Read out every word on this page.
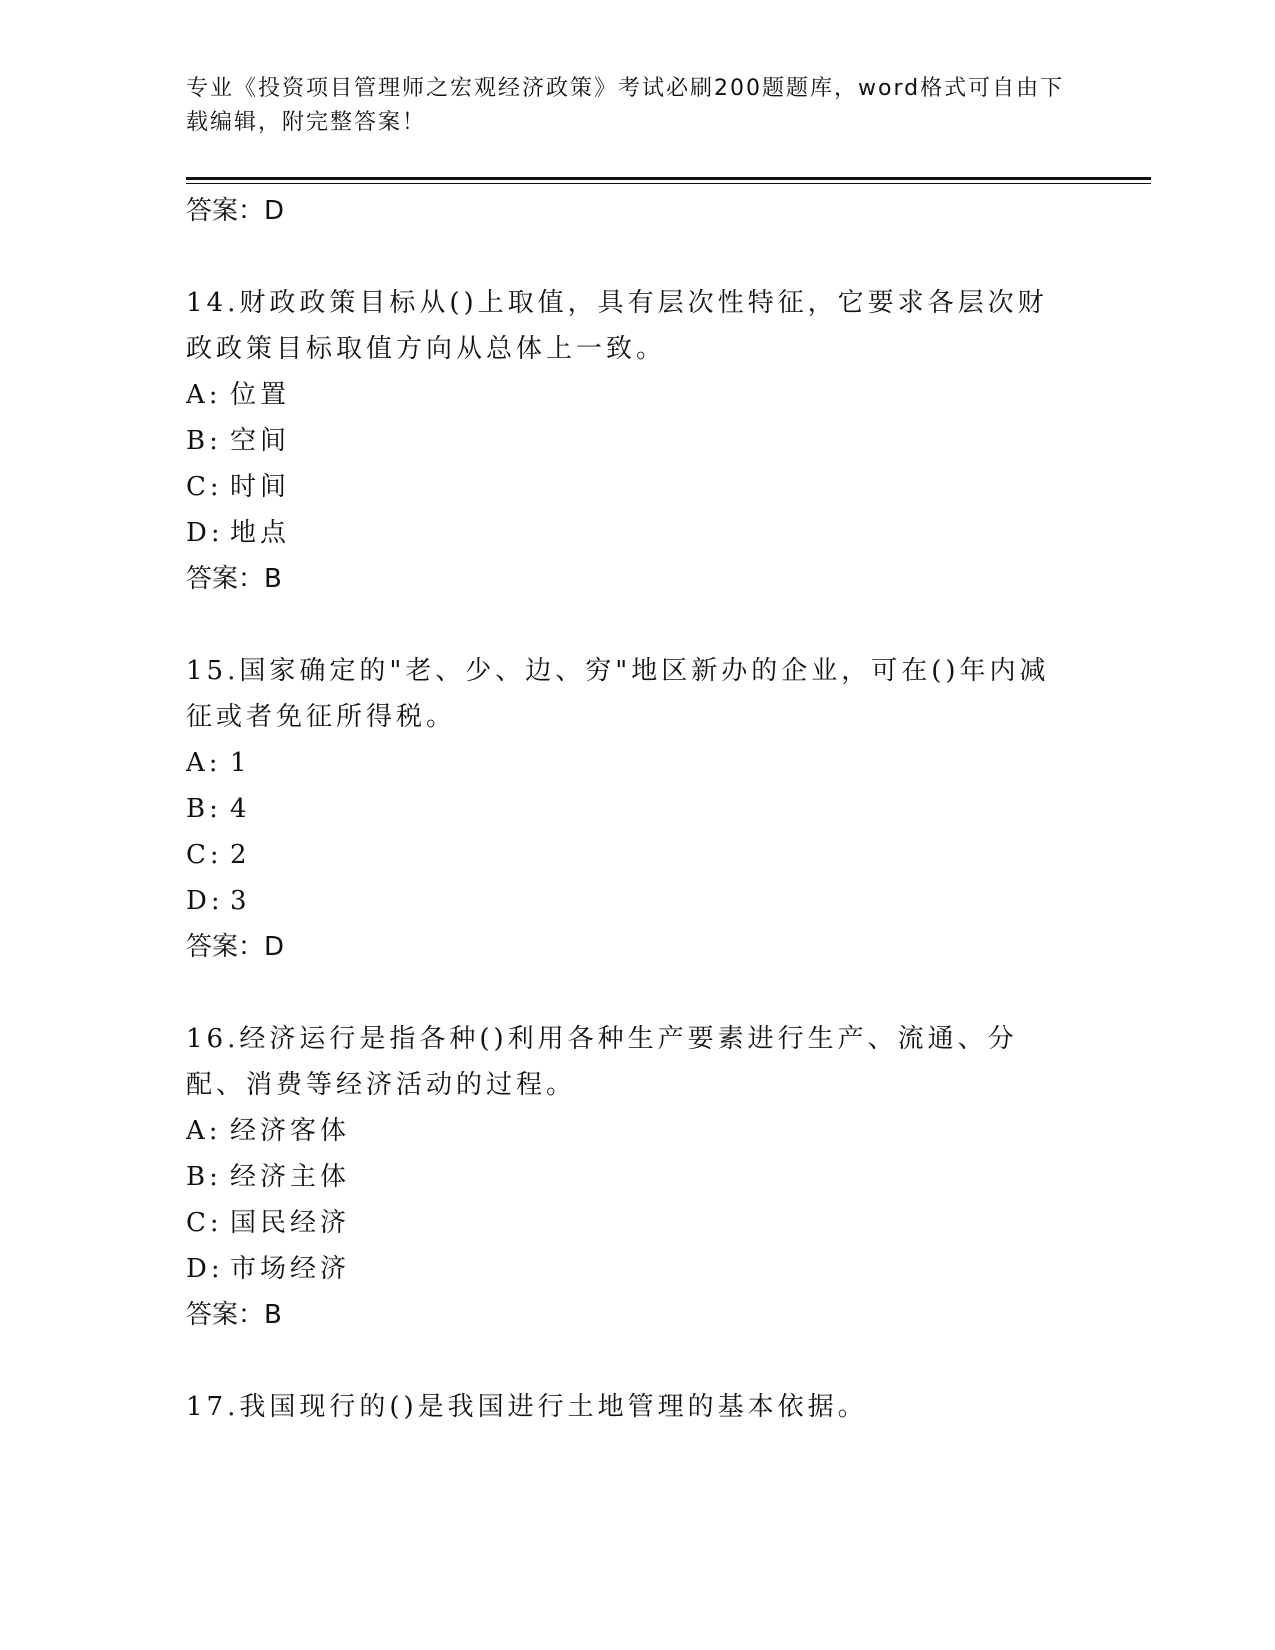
专业《投资项目管理师之宏观经济政策》考试必刷200题题库，word格式可自由下载编辑，附完整答案！

答案：D

14.财政政策目标从()上取值，具有层次性特征，它要求各层次财政政策目标取值方向从总体上一致。

A: 位置

B: 空间

C: 时间

D: 地点

答案：B

15.国家确定的"老、少、边、穷"地区新办的企业，可在()年内减征或者免征所得税。

A: 1

B: 4

C: 2

D: 3

答案：D

16.经济运行是指各种()利用各种生产要素进行生产、流通、分配、消费等经济活动的过程。

A: 经济客体

B: 经济主体

C: 国民经济

D: 市场经济

答案：B

17.我国现行的()是我国进行土地管理的基本依据。
